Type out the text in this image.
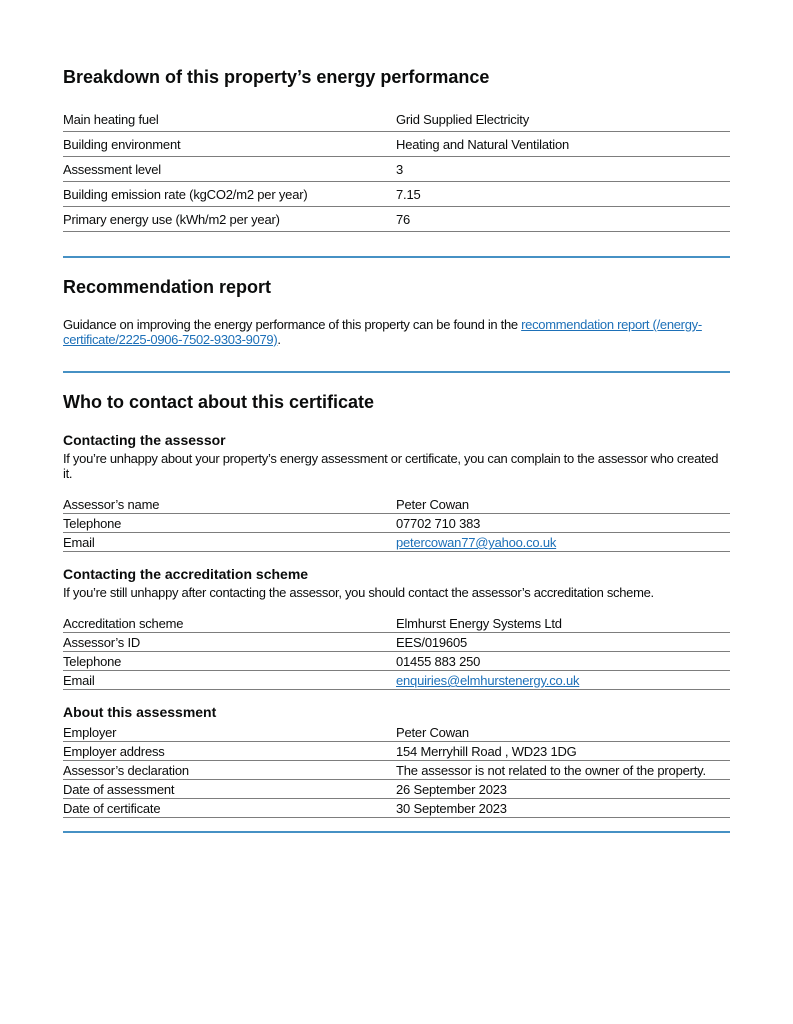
Breakdown of this property’s energy performance
Main heating fuel	Grid Supplied Electricity
Building environment	Heating and Natural Ventilation
Assessment level	3
Building emission rate (kgCO2/m2 per year)	7.15
Primary energy use (kWh/m2 per year)	76
Recommendation report

Guidance on improving the energy performance of this property can be found in the recommendation report (/energy-certificate/2225-0906-7502-9303-9079).

Who to contact about this certificate
Contacting the assessor

If you’re unhappy about your property’s energy assessment or certificate, you can complain to the assessor who created it.

Assessor’s name	Peter Cowan
Telephone	07702 710 383
Email	petercowan77@yahoo.co.uk
Contacting the accreditation scheme

If you’re still unhappy after contacting the assessor, you should contact the assessor’s accreditation scheme.

Accreditation scheme	Elmhurst Energy Systems Ltd
Assessor’s ID	EES/019605
Telephone	01455 883 250
Email	enquiries@elmhurstenergy.co.uk
About this assessment
Employer	Peter Cowan
Employer address	154 Merryhill Road , WD23 1DG
Assessor’s declaration	The assessor is not related to the owner of the property.
Date of assessment	26 September 2023
Date of certificate	30 September 2023
